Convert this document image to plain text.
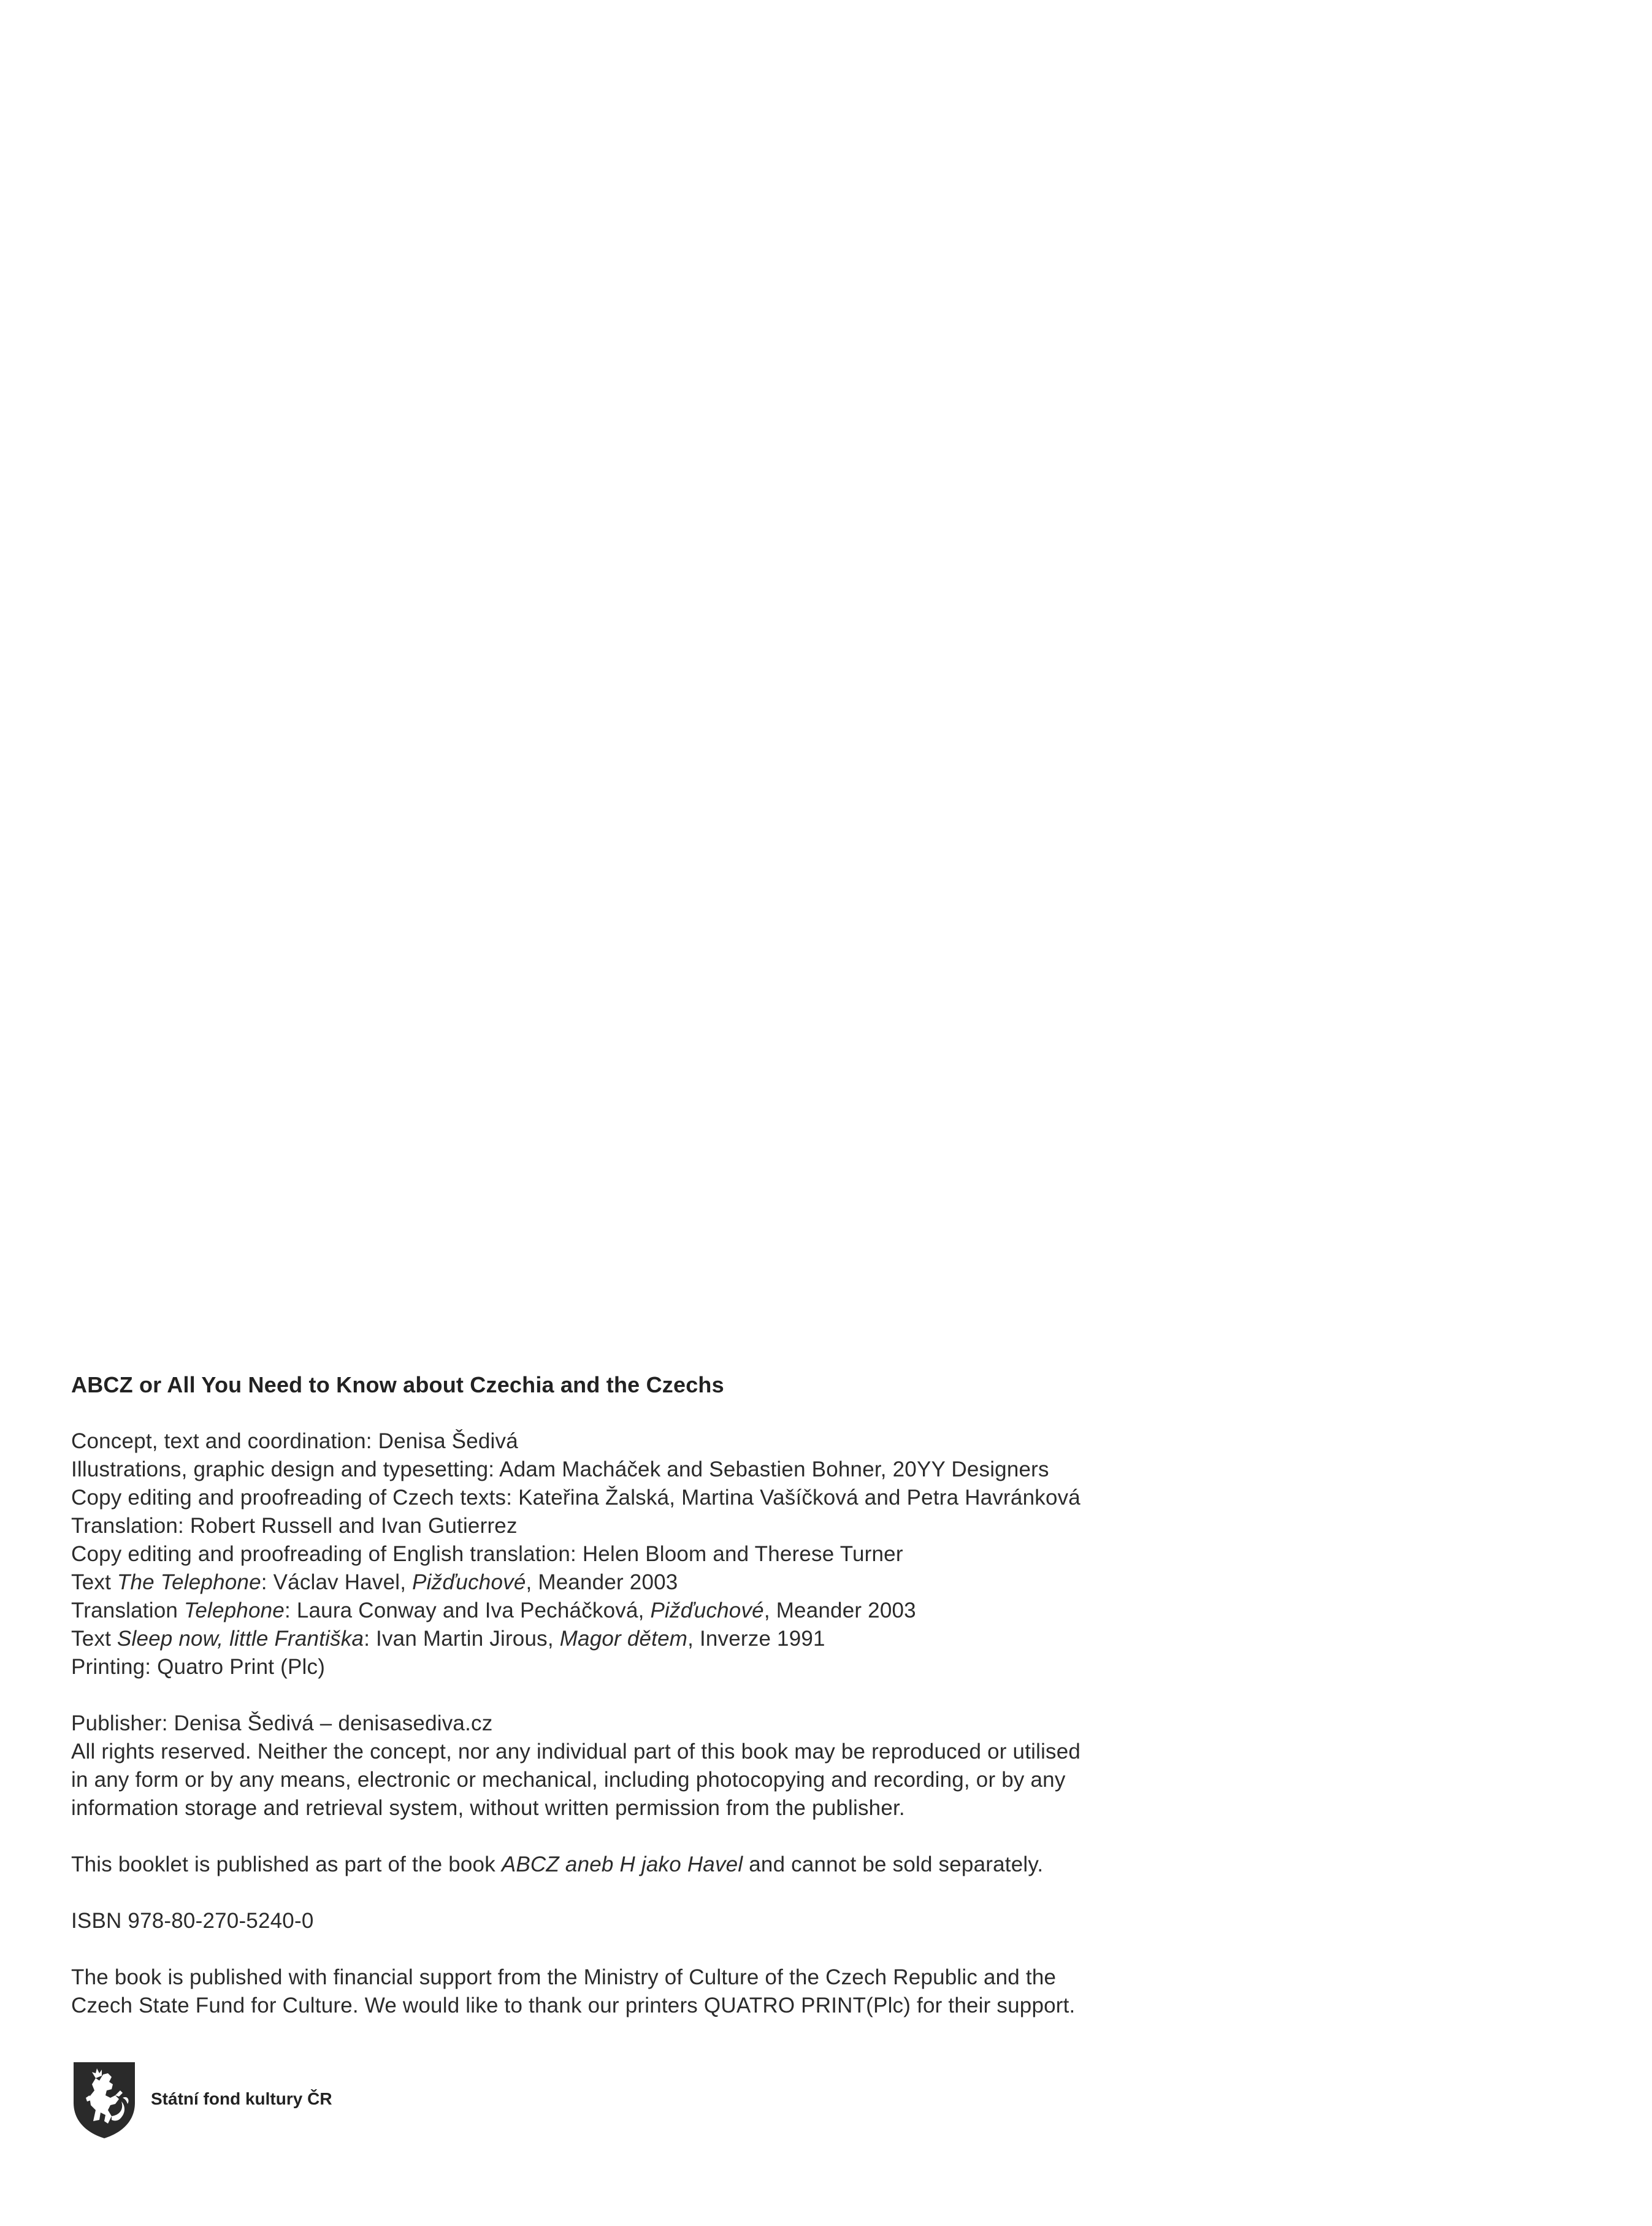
ABCZ or All You Need to Know about Czechia and the Czechs
Concept, text and coordination: Denisa Šedivá
Illustrations, graphic design and typesetting: Adam Macháček and Sebastien Bohner, 20YY Designers
Copy editing and proofreading of Czech texts: Kateřina Žalská, Martina Vašíčková and Petra Havránková
Translation: Robert Russell and Ivan Gutierrez
Copy editing and proofreading of English translation: Helen Bloom and Therese Turner
Text The Telephone: Václav Havel, Pižďuchové, Meander 2003
Translation Telephone: Laura Conway and Iva Pecháčková, Pižďuchové, Meander 2003
Text Sleep now, little Františka: Ivan Martin Jirous, Magor dětem, Inverze 1991
Printing: Quatro Print (Plc)
Publisher: Denisa Šedivá – denisasediva.cz
All rights reserved. Neither the concept, nor any individual part of this book may be reproduced or utilised
in any form or by any means, electronic or mechanical, including photocopying and recording, or by any
information storage and retrieval system, without written permission from the publisher.
This booklet is published as part of the book ABCZ aneb H jako Havel and cannot be sold separately.
ISBN 978-80-270-5240-0
The book is published with financial support from the Ministry of Culture of the Czech Republic and the
Czech State Fund for Culture. We would like to thank our printers QUATRO PRINT(Plc) for their support.
Státní fond kultury ČR
